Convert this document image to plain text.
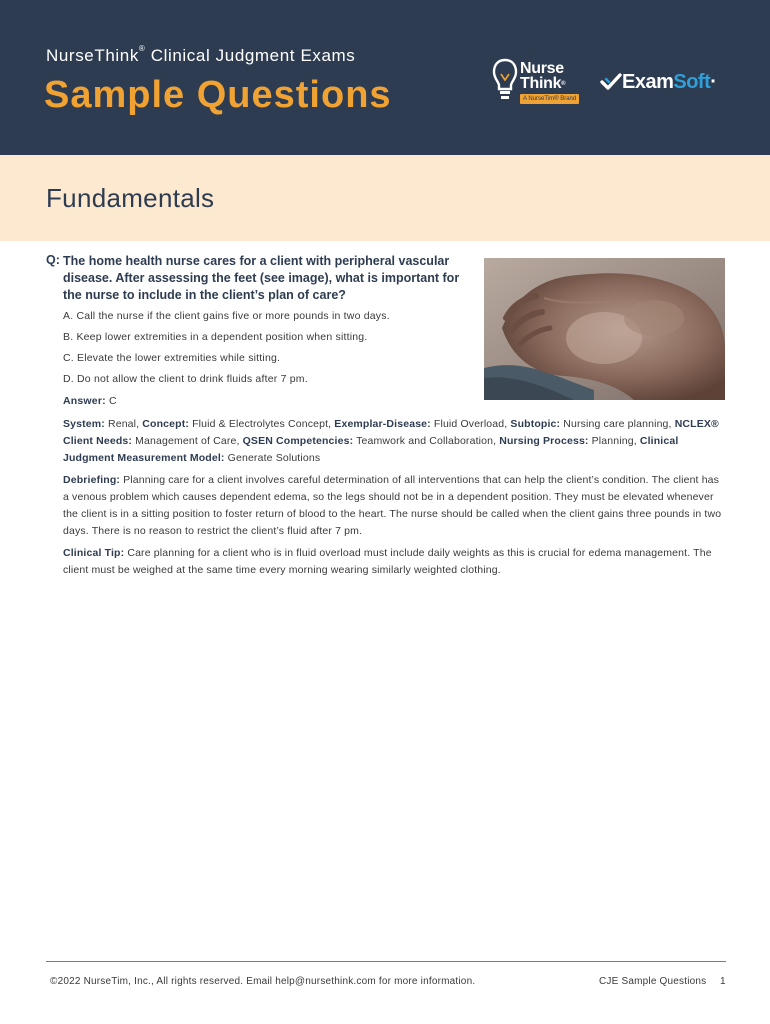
NurseThink® Clinical Judgment Exams
Sample Questions
Nurse
Think®
A NurseTim® Brand
ExamSoft·
Fundamentals
Q: The home health nurse cares for a client with peripheral vascular disease. After assessing the feet (see image), what is important for the nurse to include in the client’s plan of care?
A. Call the nurse if the client gains five or more pounds in two days.
B. Keep lower extremities in a dependent position when sitting.
C. Elevate the lower extremities while sitting.
D. Do not allow the client to drink fluids after 7 pm.
Answer: C
System: Renal, Concept: Fluid & Electrolytes Concept, Exemplar-Disease: Fluid Overload, Subtopic: Nursing care planning, NCLEX® Client Needs: Management of Care, QSEN Competencies: Teamwork and Collaboration, Nursing Process: Planning, Clinical Judgment Measurement Model: Generate Solutions
Debriefing: Planning care for a client involves careful determination of all interventions that can help the client’s condition. The client has a venous problem which causes dependent edema, so the legs should not be in a dependent position. They must be elevated whenever the client is in a sitting position to foster return of blood to the heart. The nurse should be called when the client gains three pounds in two days. There is no reason to restrict the client’s fluid after 7 pm.
Clinical Tip: Care planning for a client who is in fluid overload must include daily weights as this is crucial for edema management. The client must be weighed at the same time every morning wearing similarly weighted clothing.
©2022 NurseTim, Inc., All rights reserved. Email help@nursethink.com for more information.	CJE Sample Questions 1
